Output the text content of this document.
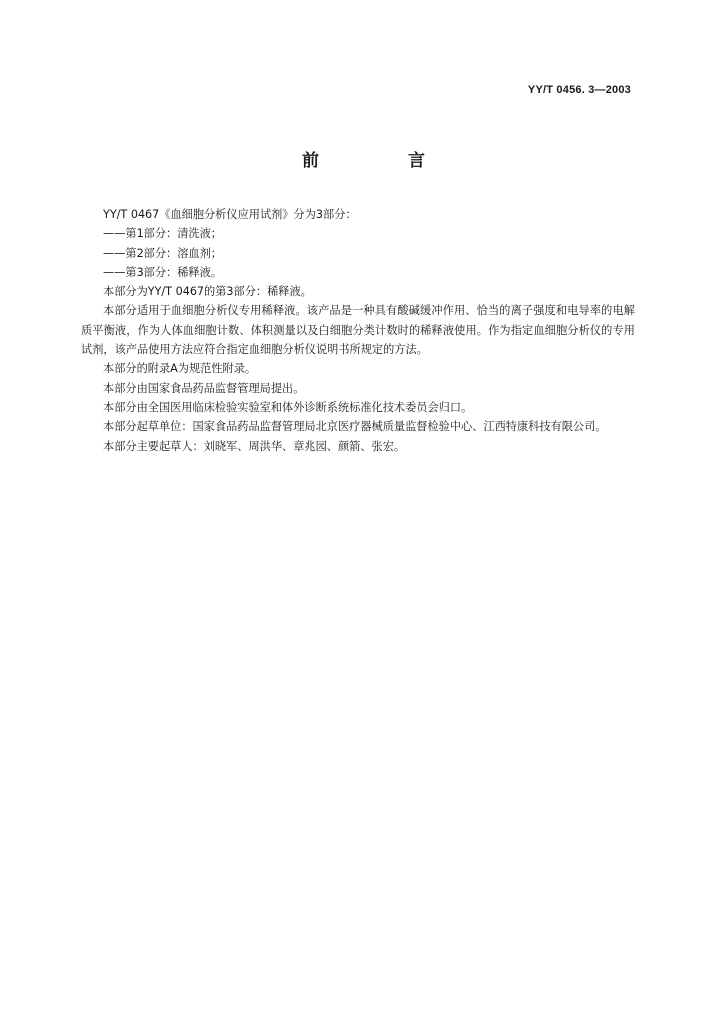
YY/T 0456. 3—2003
前　言

YY/T 0467《血细胞分析仪应用试剂》分为3部分：

——第1部分：清洗液；

——第2部分：溶血剂；

——第3部分：稀释液。

本部分为YY/T 0467的第3部分：稀释液。

本部分适用于血细胞分析仪专用稀释液。该产品是一种具有酸碱缓冲作用、恰当的离子强度和电导率的电解质平衡液，作为人体血细胞计数、体积测量以及白细胞分类计数时的稀释液使用。作为指定血细胞分析仪的专用试剂，该产品使用方法应符合指定血细胞分析仪说明书所规定的方法。

本部分的附录A为规范性附录。

本部分由国家食品药品监督管理局提出。

本部分由全国医用临床检验实验室和体外诊断系统标准化技术委员会归口。

本部分起草单位：国家食品药品监督管理局北京医疗器械质量监督检验中心、江西特康科技有限公司。

本部分主要起草人：刘晓军、周洪华、章兆园、颜箭、张宏。
